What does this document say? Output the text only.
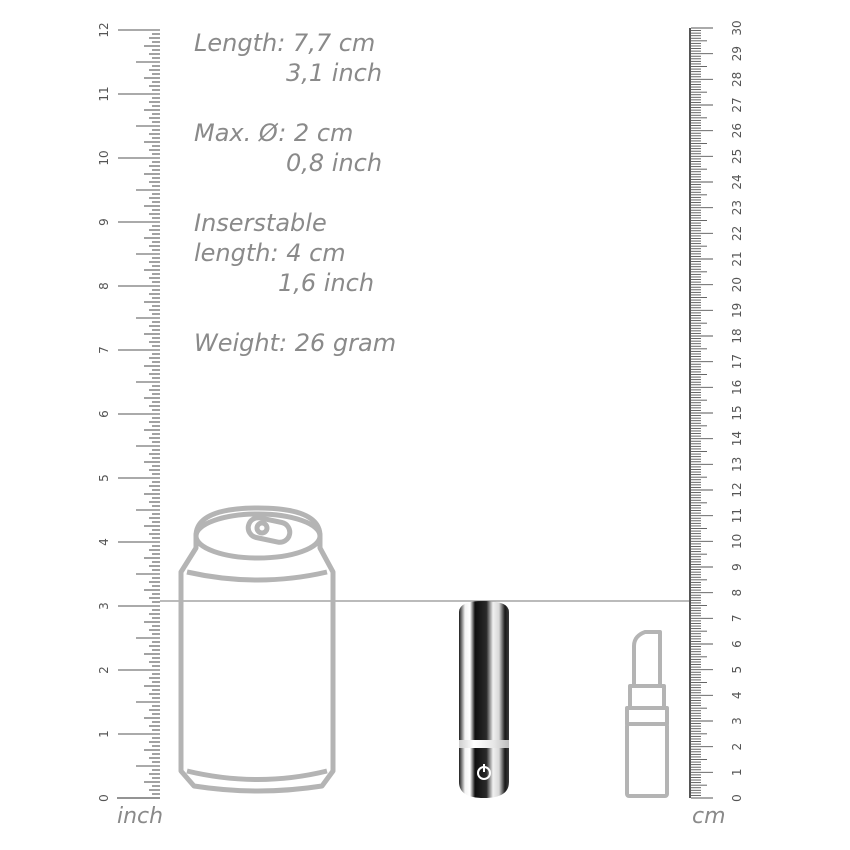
0
1
2
3
4
5
6
7
8
9
10
11
12
0
1
2
3
4
5
6
7
8
9
10
11
12
13
14
15
16
17
18
19
20
21
22
23
24
25
26
27
28
29
30
Length: 7,7 cm
3,1 inch
Max. Ø: 2 cm
0,8 inch
Inserstable
length: 4 cm
1,6 inch
Weight: 26 gram
inch	cm
